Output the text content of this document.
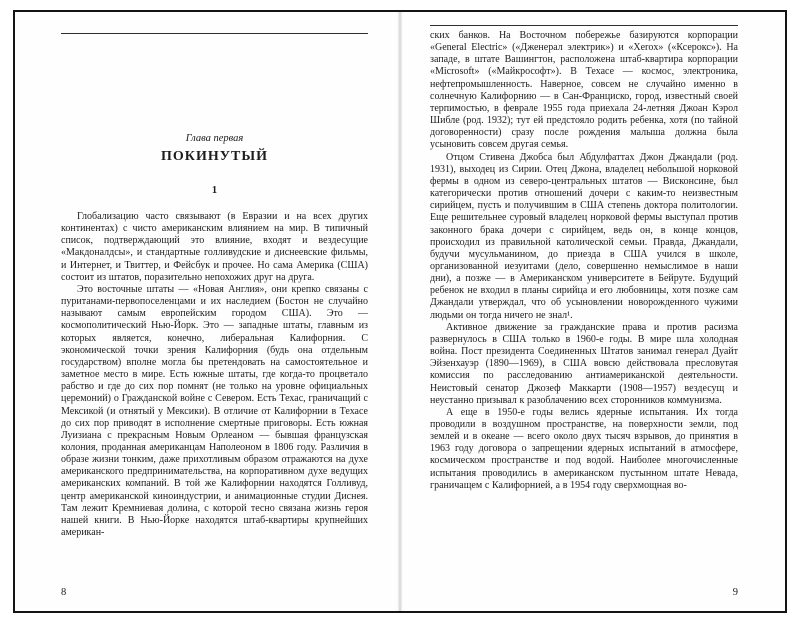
Глава первая
ПОКИНУТЫЙ
1

Глобализацию часто связывают (в Евразии и на всех других континентах) с чисто американским влиянием на мир. В типичный список, подтверждающий это влияние, входят и вездесущие «Макдоналдсы», и стандартные голливудские и диснеевские фильмы, и Интернет, и Твиттер, и Фейсбук и прочее. Но сама Америка (США) состоит из штатов, поразительно непохожих друг на друга.

Это восточные штаты — «Новая Англия», они крепко связаны с пуританами-первопоселенцами и их наследием (Бостон не случайно называют самым европейским городом США). Это — космополитический Нью-Йорк. Это — западные штаты, главным из которых является, конечно, либеральная Калифорния. С экономической точки зрения Калифорния (будь она отдельным государством) вполне могла бы претендовать на самостоятельное и заметное место в мире. Есть южные штаты, где когда-то процветало рабство и где до сих пор помнят (не только на уровне официальных церемоний) о Гражданской войне с Севером. Есть Техас, граничащий с Мексикой (и отнятый у Мексики). В отличие от Калифорнии в Техасе до сих пор приводят в исполнение смертные приговоры. Есть южная Луизиана с прекрасным Новым Орлеаном — бывшая французская колония, проданная американцам Наполеоном в 1806 году. Различия в образе жизни тонким, даже прихотливым образом отражаются на духе американского предпринимательства, на корпоративном духе ведущих американских компаний. В той же Калифорнии находятся Голливуд, центр американской киноиндустрии, и анимационные студии Диснея. Там лежит Кремниевая долина, с которой тесно связана жизнь героя нашей книги. В Нью-Йорке находятся штаб-квартиры крупнейших американ-

8

ских банков. На Восточном побережье базируются корпорации «General Electric» («Дженерал электрик») и «Xerox» («Ксерокс»). На западе, в штате Вашингтон, расположена штаб-квартира корпорации «Microsoft» («Майкрософт»). В Техасе — космос, электроника, нефтепромышленность. Наверное, совсем не случайно именно в солнечную Калифорнию — в Сан-Франциско, город, известный своей терпимостью, в феврале 1955 года приехала 24-летняя Джоан Кэрол Шибле (род. 1932); тут ей предстояло родить ребенка, хотя (по тайной договоренности) сразу после рождения малыша должна была усыновить совсем другая семья.

Отцом Стивена Джобса был Абдулфаттах Джон Джандали (род. 1931), выходец из Сирии. Отец Джона, владелец небольшой норковой фермы в одном из северо-центральных штатов — Висконсине, был категорически против отношений дочери с каким-то неизвестным сирийцем, пусть и получившим в США степень доктора политологии. Еще решительнее суровый владелец норковой фермы выступал против законного брака дочери с сирийцем, ведь он, в конце концов, происходил из правильной католической семьи. Правда, Джандали, будучи мусульманином, до приезда в США учился в школе, организованной иезуитами (дело, совершенно немыслимое в наши дни), а позже — в Американском университете в Бейруте. Будущий ребенок не входил в планы сирийца и его любовницы, хотя позже сам Джандали утверждал, что об усыновлении новорожденного чужими людьми он тогда ничего не знал¹.

Активное движение за гражданские права и против расизма развернулось в США только в 1960-е годы. В мире шла холодная война. Пост президента Соединенных Штатов занимал генерал Дуайт Эйзенхауэр (1890—1969), в США вовсю действовала пресловутая комиссия по расследованию антиамериканской деятельности. Неистовый сенатор Джозеф Маккарти (1908—1957) вездесущ и неустанно призывал к разоблачению всех сторонников коммунизма.

А еще в 1950-е годы велись ядерные испытания. Их тогда проводили в воздушном пространстве, на поверхности земли, под землей и в океане — всего около двух тысяч взрывов, до принятия в 1963 году договора о запрещении ядерных испытаний в атмосфере, космическом пространстве и под водой. Наиболее многочисленные испытания проводились в американском пустынном штате Невада, граничащем с Калифорнией, а в 1954 году сверхмощная во-

9
